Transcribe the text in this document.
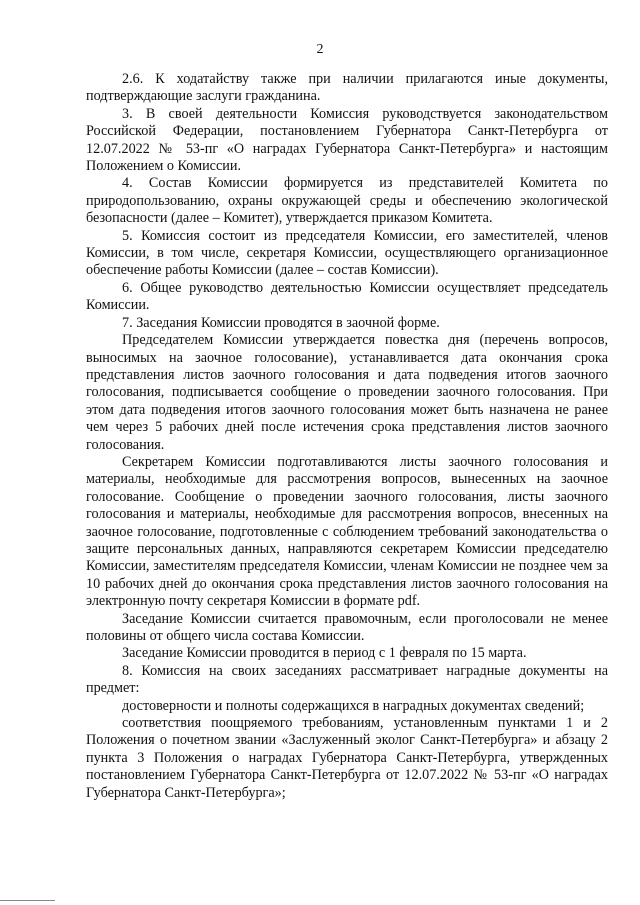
2

2.6. К ходатайству также при наличии прилагаются иные документы, подтверждающие заслуги гражданина.

3. В своей деятельности Комиссия руководствуется законодательством Российской Федерации, постановлением Губернатора Санкт-Петербурга от 12.07.2022 № 53-пг «О наградах Губернатора Санкт-Петербурга» и настоящим Положением о Комиссии.

4. Состав Комиссии формируется из представителей Комитета по природопользованию, охраны окружающей среды и обеспечению экологической безопасности (далее – Комитет), утверждается приказом Комитета.

5. Комиссия состоит из председателя Комиссии, его заместителей, членов Комиссии, в том числе, секретаря Комиссии, осуществляющего организационное обеспечение работы Комиссии (далее – состав Комиссии).

6. Общее руководство деятельностью Комиссии осуществляет председатель Комиссии.

7. Заседания Комиссии проводятся в заочной форме.

Председателем Комиссии утверждается повестка дня (перечень вопросов, выносимых на заочное голосование), устанавливается дата окончания срока представления листов заочного голосования и дата подведения итогов заочного голосования, подписывается сообщение о проведении заочного голосования. При этом дата подведения итогов заочного голосования может быть назначена не ранее чем через 5 рабочих дней после истечения срока представления листов заочного голосования.

Секретарем Комиссии подготавливаются листы заочного голосования и материалы, необходимые для рассмотрения вопросов, вынесенных на заочное голосование. Сообщение о проведении заочного голосования, листы заочного голосования и материалы, необходимые для рассмотрения вопросов, внесенных на заочное голосование, подготовленные с соблюдением требований законодательства о защите персональных данных, направляются секретарем Комиссии председателю Комиссии, заместителям председателя Комиссии, членам Комиссии не позднее чем за 10 рабочих дней до окончания срока представления листов заочного голосования на электронную почту секретаря Комиссии в формате pdf.

Заседание Комиссии считается правомочным, если проголосовали не менее половины от общего числа состава Комиссии.

Заседание Комиссии проводится в период с 1 февраля по 15 марта.

8. Комиссия на своих заседаниях рассматривает наградные документы на предмет:

достоверности и полноты содержащихся в наградных документах сведений;

соответствия поощряемого требованиям, установленным пунктами 1 и 2 Положения о почетном звании «Заслуженный эколог Санкт-Петербурга» и абзацу 2 пункта 3 Положения о наградах Губернатора Санкт-Петербурга, утвержденных постановлением Губернатора Санкт-Петербурга от 12.07.2022 № 53-пг «О наградах Губернатора Санкт-Петербурга»;
